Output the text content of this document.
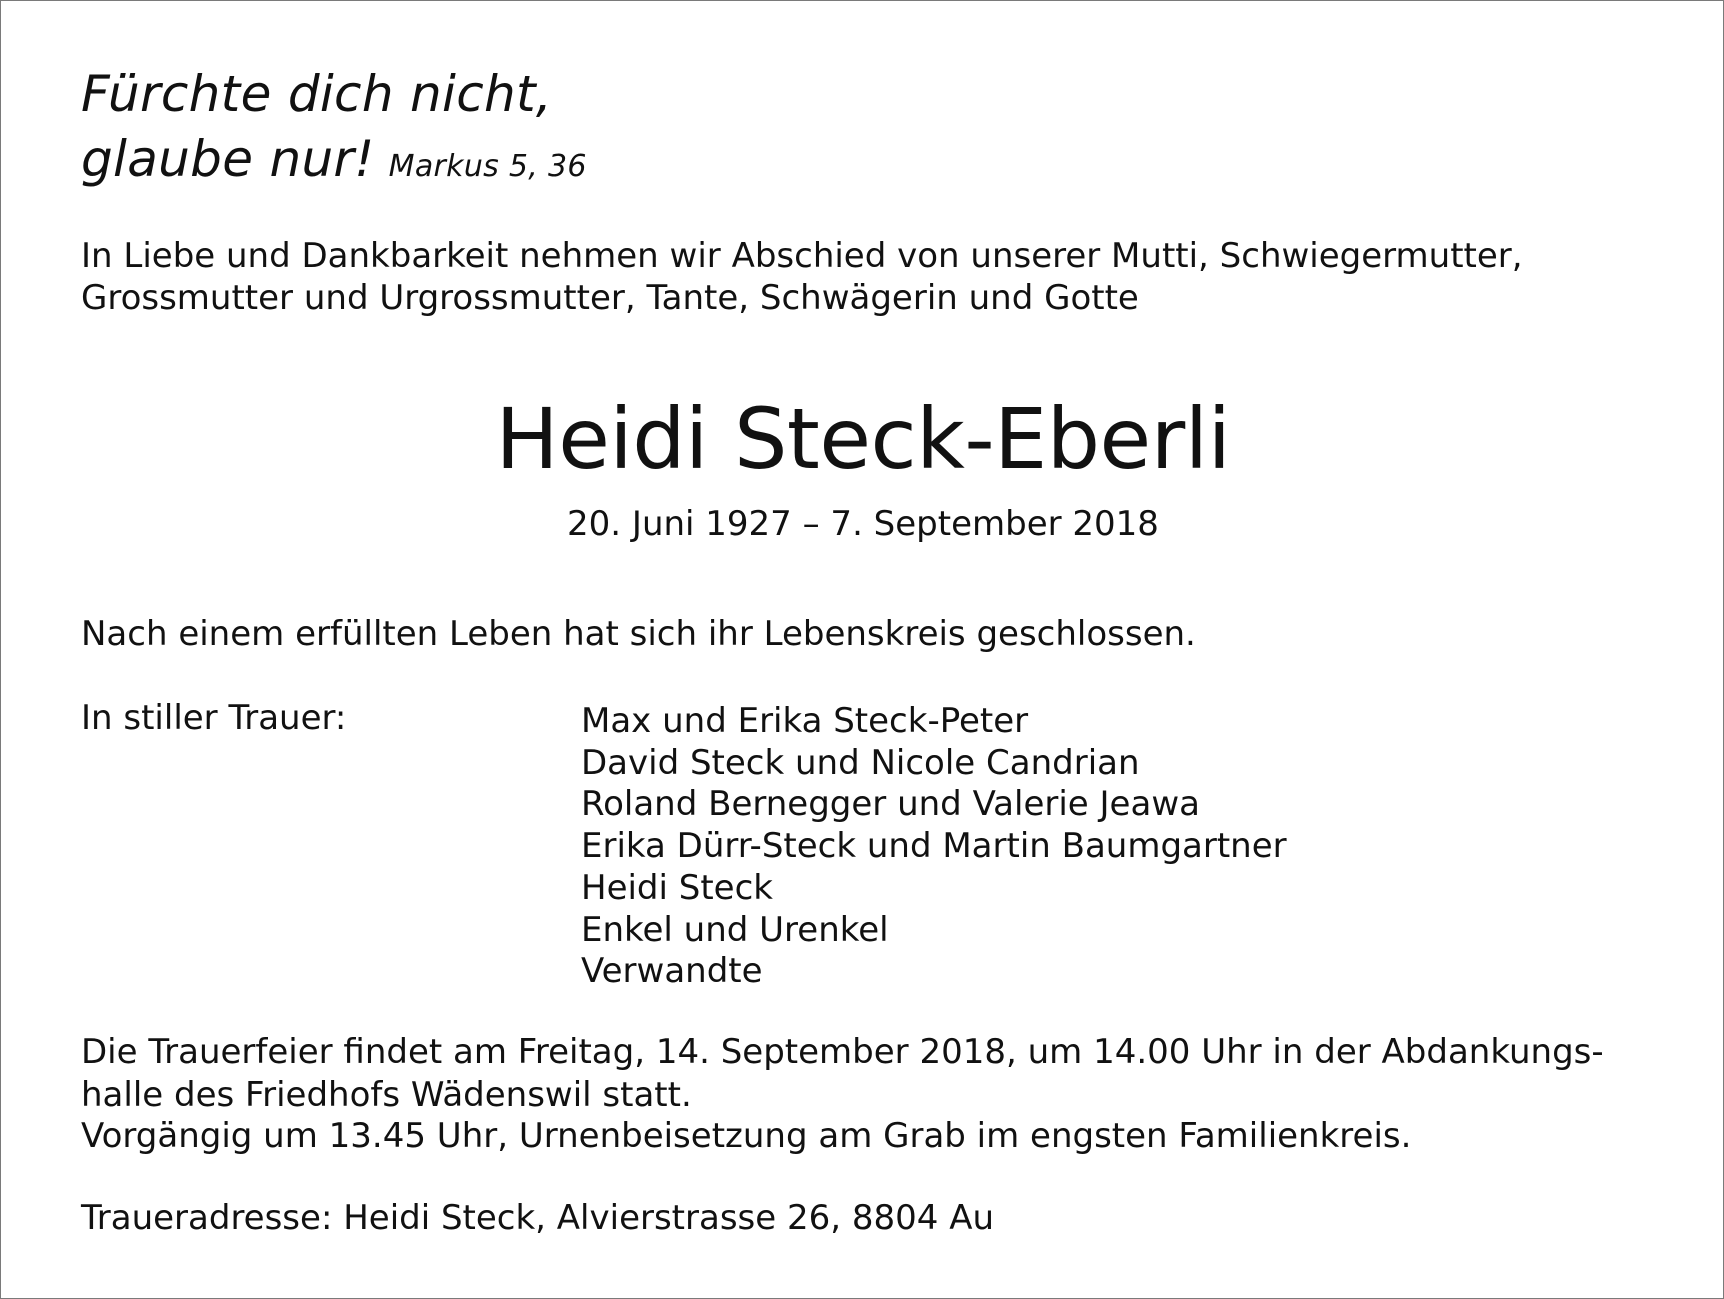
Fürchte dich nicht,
glaube nur! Markus 5, 36
In Liebe und Dankbarkeit nehmen wir Abschied von unserer Mutti, Schwiegermutter,
Grossmutter und Urgrossmutter, Tante, Schwägerin und Gotte
Heidi Steck-Eberli
20. Juni 1927 – 7. September 2018
Nach einem erfüllten Leben hat sich ihr Lebenskreis geschlossen.
In stiller Trauer:	Max und Erika Steck-Peter
David Steck und Nicole Candrian
Roland Bernegger und Valerie Jeawa
Erika Dürr-Steck und Martin Baumgartner
Heidi Steck
Enkel und Urenkel
Verwandte
Die Trauerfeier findet am Freitag, 14. September 2018, um 14.00 Uhr in der Abdankungs-
halle des Friedhofs Wädenswil statt.
Vorgängig um 13.45 Uhr, Urnenbeisetzung am Grab im engsten Familienkreis.
Traueradresse: Heidi Steck, Alvierstrasse 26, 8804 Au
